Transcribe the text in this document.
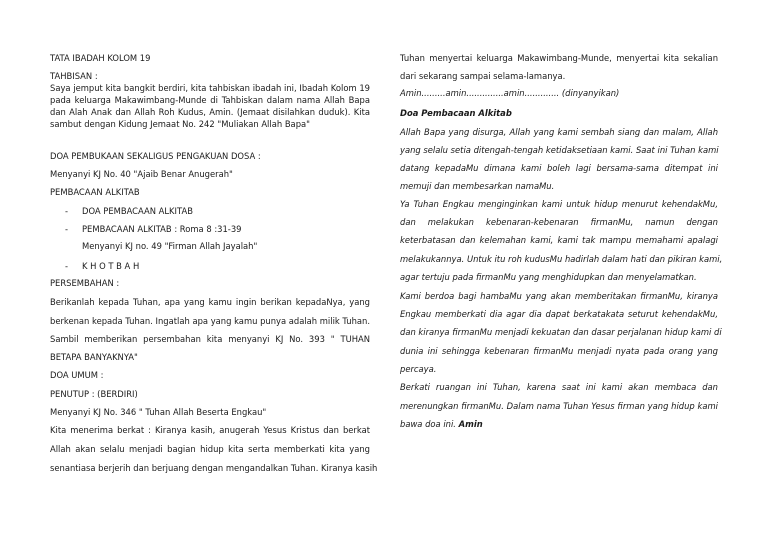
TATA IBADAH KOLOM 19
TAHBISAN :
Saya jemput kita bangkit berdiri, kita tahbiskan ibadah ini, Ibadah Kolom 19
pada keluarga Makawimbang-Munde di Tahbiskan dalam nama Allah Bapa
dan Alah Anak dan Allah Roh Kudus, Amin. (Jemaat disilahkan duduk). Kita
sambut dengan Kidung Jemaat No. 242 "Muliakan Allah Bapa"
DOA PEMBUKAAN SEKALIGUS PENGAKUAN DOSA :
Menyanyi KJ No. 40 "Ajaib Benar Anugerah"
PEMBACAAN ALKITAB
- DOA PEMBACAAN ALKITAB
- PEMBACAAN ALKITAB : Roma 8 :31-39
Menyanyi KJ no. 49 "Firman Allah Jayalah"
- K H O T B A H
PERSEMBAHAN :
Berikanlah kepada Tuhan, apa yang kamu ingin berikan kepadaNya, yang
berkenan kepada Tuhan. Ingatlah apa yang kamu punya adalah milik Tuhan.
Sambil memberikan persembahan kita menyanyi KJ No. 393 " TUHAN
BETAPA BANYAKNYA"
DOA UMUM :
PENUTUP : (BERDIRI)
Menyanyi KJ No. 346 " Tuhan Allah Beserta Engkau"
Kita menerima berkat : Kiranya kasih, anugerah Yesus Kristus dan berkat
Allah akan selalu menjadi bagian hidup kita serta memberkati kita yang
senantiasa berjerih dan berjuang dengan mengandalkan Tuhan. Kiranya kasih
Tuhan menyertai keluarga Makawimbang-Munde, menyertai kita sekalian
dari sekarang sampai selama-lamanya.
Amin.........amin..............amin............. (dinyanyikan)
Doa Pembacaan Alkitab
Allah Bapa yang disurga, Allah yang kami sembah siang dan malam, Allah
yang selalu setia ditengah-tengah ketidaksetiaan kami. Saat ini Tuhan kami
datang kepadaMu dimana kami boleh lagi bersama-sama ditempat ini
memuji dan membesarkan namaMu.
Ya Tuhan Engkau menginginkan kami untuk hidup menurut kehendakMu,
dan melakukan kebenaran-kebenaran firmanMu, namun dengan
keterbatasan dan kelemahan kami, kami tak mampu memahami apalagi
melakukannya. Untuk itu roh kudusMu hadirlah dalam hati dan pikiran kami,
agar tertuju pada firmanMu yang menghidupkan dan menyelamatkan.
Kami berdoa bagi hambaMu yang akan memberitakan firmanMu, kiranya
Engkau memberkati dia agar dia dapat berkatakata seturut kehendakMu,
dan kiranya firmanMu menjadi kekuatan dan dasar perjalanan hidup kami di
dunia ini sehingga kebenaran firmanMu menjadi nyata pada orang yang
percaya.
Berkati ruangan ini Tuhan, karena saat ini kami akan membaca dan
merenungkan firmanMu. Dalam nama Tuhan Yesus firman yang hidup kami
bawa doa ini. Amin
